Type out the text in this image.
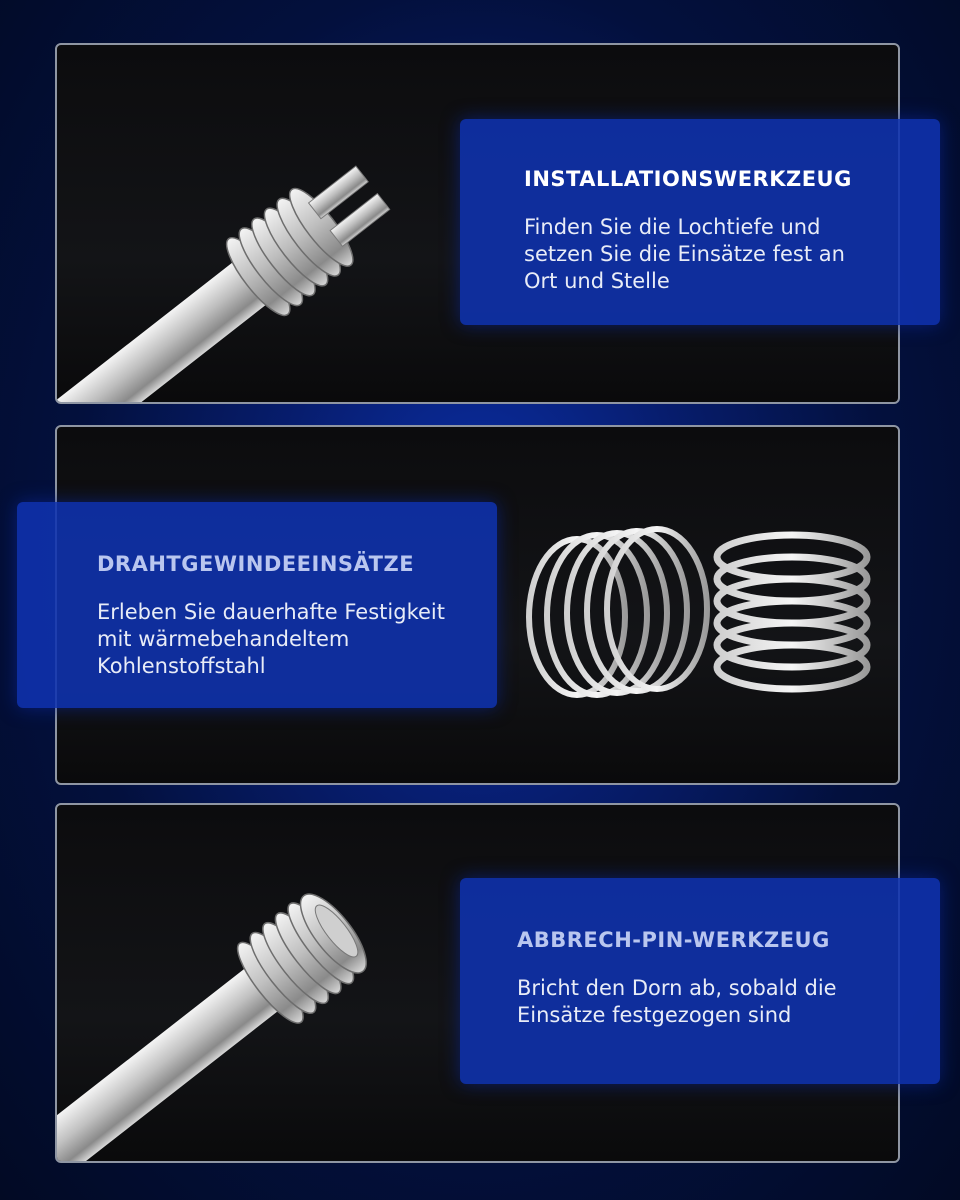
INSTALLATIONSWERKZEUG

Finden Sie die Lochtiefe und
setzen Sie die Einsätze fest an
Ort und Stelle

DRAHTGEWINDEEINSÄTZE

Erleben Sie dauerhafte Festigkeit
mit wärmebehandeltem
Kohlenstoffstahl

ABBRECH-PIN-WERKZEUG

Bricht den Dorn ab, sobald die
Einsätze festgezogen sind
